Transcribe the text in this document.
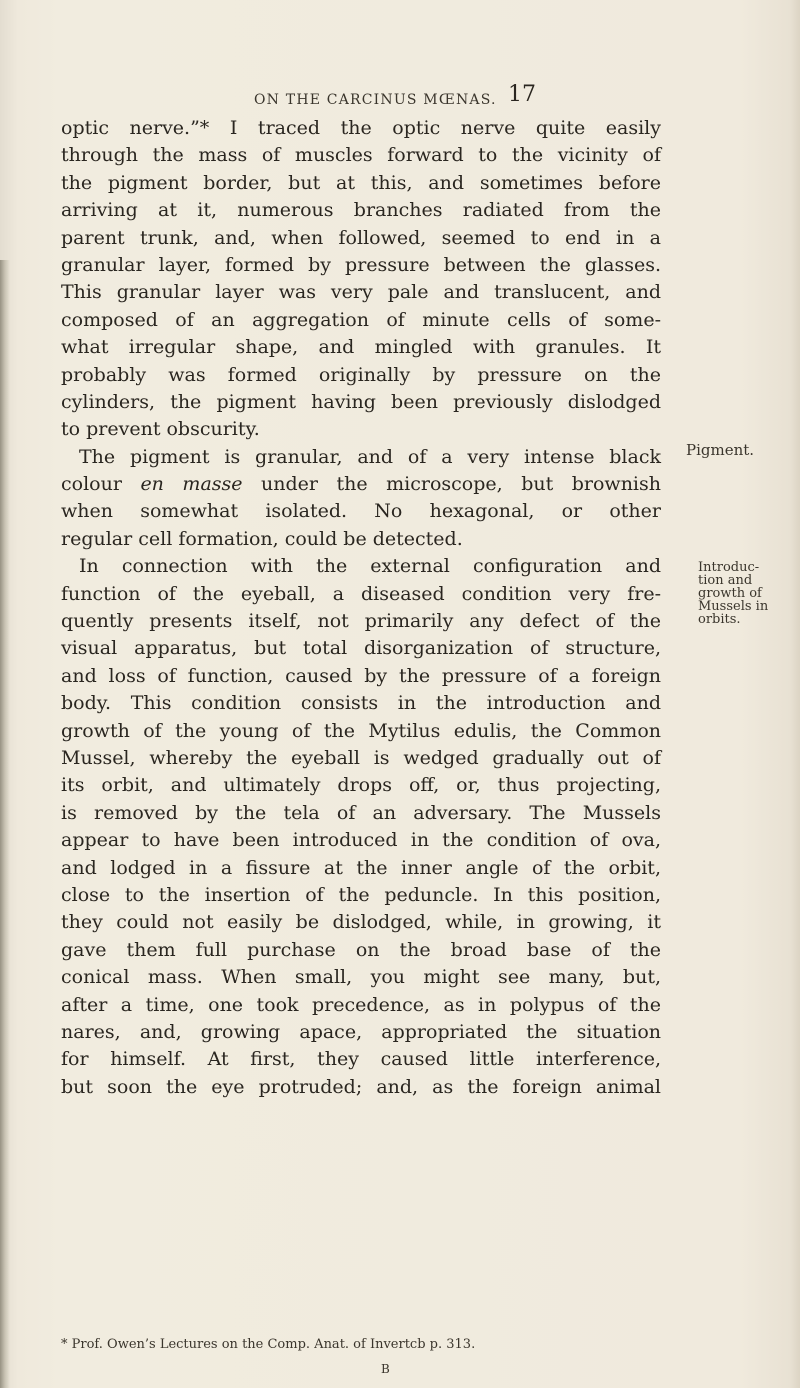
ON THE CARCINUS MŒNAS. 17
optic nerve.”* I traced the optic nerve quite easily
through the mass of muscles forward to the vicinity of
the pigment border, but at this, and sometimes before
arriving at it, numerous branches radiated from the
parent trunk, and, when followed, seemed to end in a
granular layer, formed by pressure between the glasses.
This granular layer was very pale and translucent, and
composed of an aggregation of minute cells of some-
what irregular shape, and mingled with granules. It
probably was formed originally by pressure on the
cylinders, the pigment having been previously dislodged
to prevent obscurity.
The pigment is granular, and of a very intense black
colour en masse under the microscope, but brownish
when somewhat isolated. No hexagonal, or other
regular cell formation, could be detected.
In connection with the external configuration and
function of the eyeball, a diseased condition very fre-
quently presents itself, not primarily any defect of the
visual apparatus, but total disorganization of structure,
and loss of function, caused by the pressure of a foreign
body. This condition consists in the introduction and
growth of the young of the Mytilus edulis, the Common
Mussel, whereby the eyeball is wedged gradually out of
its orbit, and ultimately drops off, or, thus projecting,
is removed by the tela of an adversary. The Mussels
appear to have been introduced in the condition of ova,
and lodged in a fissure at the inner angle of the orbit,
close to the insertion of the peduncle. In this position,
they could not easily be dislodged, while, in growing, it
gave them full purchase on the broad base of the
conical mass. When small, you might see many, but,
after a time, one took precedence, as in polypus of the
nares, and, growing apace, appropriated the situation
for himself. At first, they caused little interference,
but soon the eye protruded; and, as the foreign animal
Pigment.
Introduc-
tion and
growth of
Mussels in
orbits.
* Prof. Owen’s Lectures on the Comp. Anat. of Invertcb p. 313.
B
